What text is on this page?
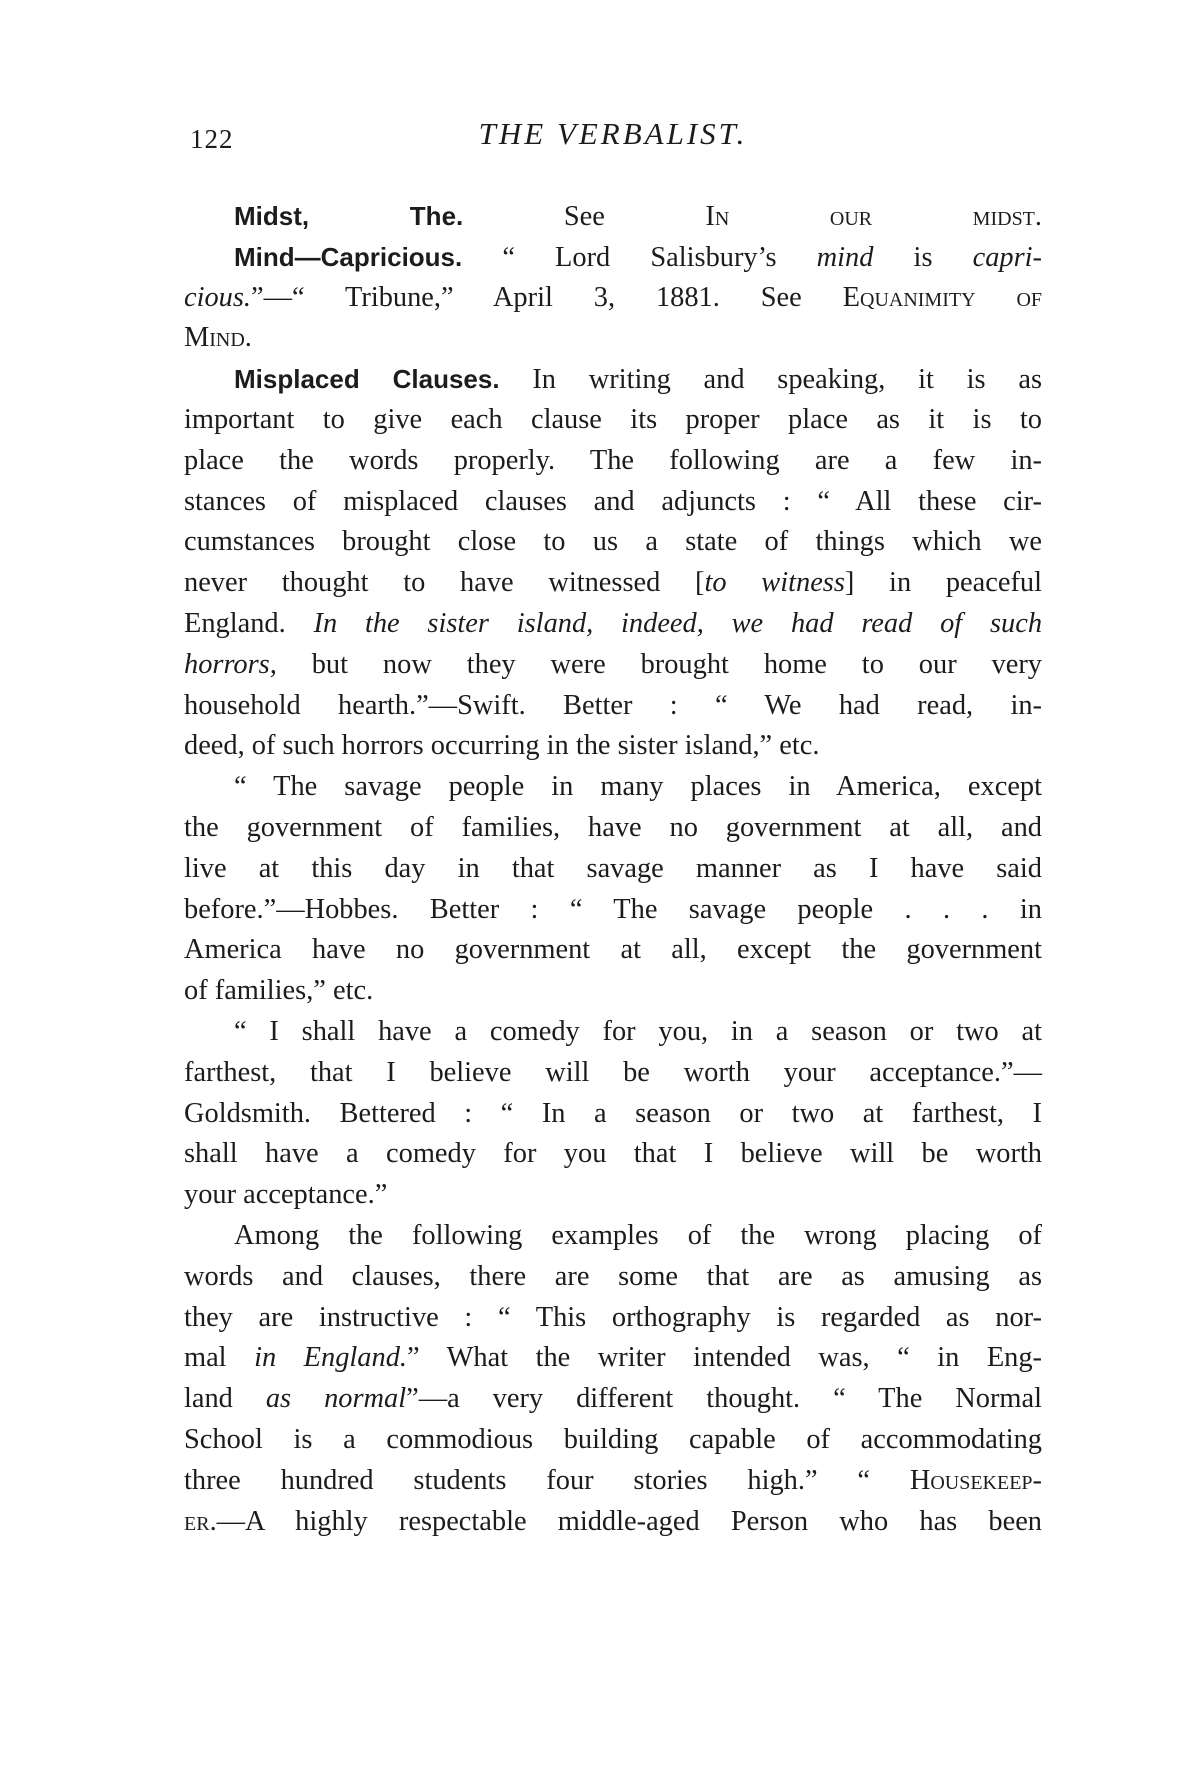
122	THE VERBALIST.
Midst, The. See In our midst.
Mind—Capricious. “ Lord Salisbury’s mind is capri-
cious.”—“ Tribune,” April 3, 1881. See Equanimity of
Mind.
Misplaced Clauses. In writing and speaking, it is as
important to give each clause its proper place as it is to
place the words properly. The following are a few in-
stances of misplaced clauses and adjuncts : “ All these cir-
cumstances brought close to us a state of things which we
never thought to have witnessed [to witness] in peaceful
England. In the sister island, indeed, we had read of such
horrors, but now they were brought home to our very
household hearth.”—Swift. Better : “ We had read, in-
deed, of such horrors occurring in the sister island,” etc.
“ The savage people in many places in America, except
the government of families, have no government at all, and
live at this day in that savage manner as I have said
before.”—Hobbes. Better : “ The savage people . . . in
America have no government at all, except the government
of families,” etc.
“ I shall have a comedy for you, in a season or two at
farthest, that I believe will be worth your acceptance.”—
Goldsmith. Bettered : “ In a season or two at farthest, I
shall have a comedy for you that I believe will be worth
your acceptance.”
Among the following examples of the wrong placing of
words and clauses, there are some that are as amusing as
they are instructive : “ This orthography is regarded as nor-
mal in England.” What the writer intended was, “ in Eng-
land as normal”—a very different thought. “ The Normal
School is a commodious building capable of accommodating
three hundred students four stories high.” “ Housekeep-
er.—A highly respectable middle-aged Person who has been
